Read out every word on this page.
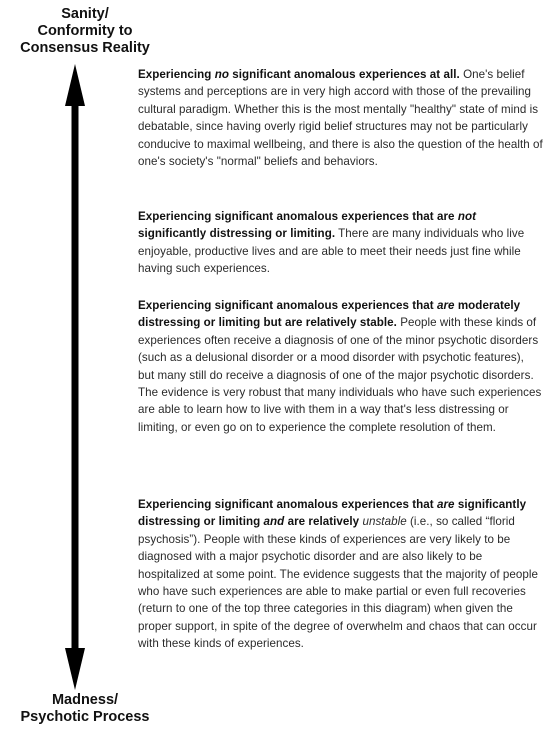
Sanity/
Conformity to
Consensus Reality
Experiencing no significant anomalous experiences at all. One's belief systems and perceptions are in very high accord with those of the prevailing cultural paradigm. Whether this is the most mentally "healthy" state of mind is debatable, since having overly rigid belief structures may not be particularly conducive to maximal wellbeing, and there is also the question of the health of one's society's "normal" beliefs and behaviors.
Experiencing significant anomalous experiences that are not significantly distressing or limiting. There are many individuals who live enjoyable, productive lives and are able to meet their needs just fine while having such experiences.
Experiencing significant anomalous experiences that are moderately distressing or limiting but are relatively stable. People with these kinds of experiences often receive a diagnosis of one of the minor psychotic disorders (such as a delusional disorder or a mood disorder with psychotic features), but many still do receive a diagnosis of one of the major psychotic disorders. The evidence is very robust that many individuals who have such experiences are able to learn how to live with them in a way that's less distressing or limiting, or even go on to experience the complete resolution of them.
Experiencing significant anomalous experiences that are significantly distressing or limiting and are relatively unstable (i.e., so called “florid psychosis”). People with these kinds of experiences are very likely to be diagnosed with a major psychotic disorder and are also likely to be hospitalized at some point. The evidence suggests that the majority of people who have such experiences are able to make partial or even full recoveries (return to one of the top three categories in this diagram) when given the proper support, in spite of the degree of overwhelm and chaos that can occur with these kinds of experiences.
Madness/
Psychotic Process
